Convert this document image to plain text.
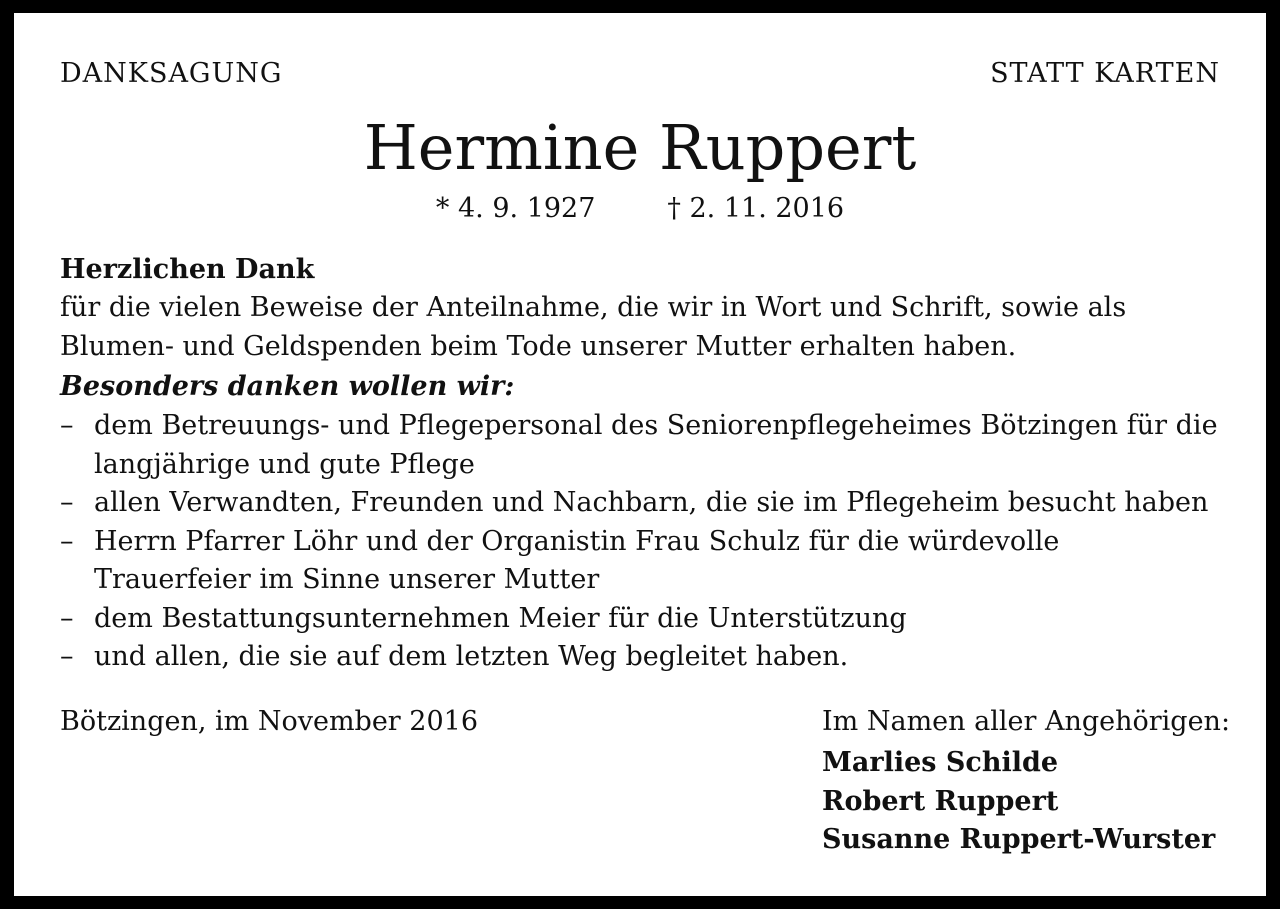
DANKSAGUNG	STATT KARTEN
Hermine Ruppert
* 4. 9. 1927	† 2. 11. 2016
Herzlichen Dank
für die vielen Beweise der Anteilnahme, die wir in Wort und Schrift, sowie als Blumen- und Geldspenden beim Tode unserer Mutter erhalten haben.
Besonders danken wollen wir:
– dem Betreuungs- und Pflegepersonal des Seniorenpflegeheimes Bötzingen für die langjährige und gute Pflege
– allen Verwandten, Freunden und Nachbarn, die sie im Pflegeheim besucht haben
– Herrn Pfarrer Löhr und der Organistin Frau Schulz für die würdevolle Trauerfeier im Sinne unserer Mutter
– dem Bestattungsunternehmen Meier für die Unterstützung
– und allen, die sie auf dem letzten Weg begleitet haben.
Bötzingen, im November 2016	Im Namen aller Angehörigen:
Marlies Schilde
Robert Ruppert
Susanne Ruppert-Wurster
